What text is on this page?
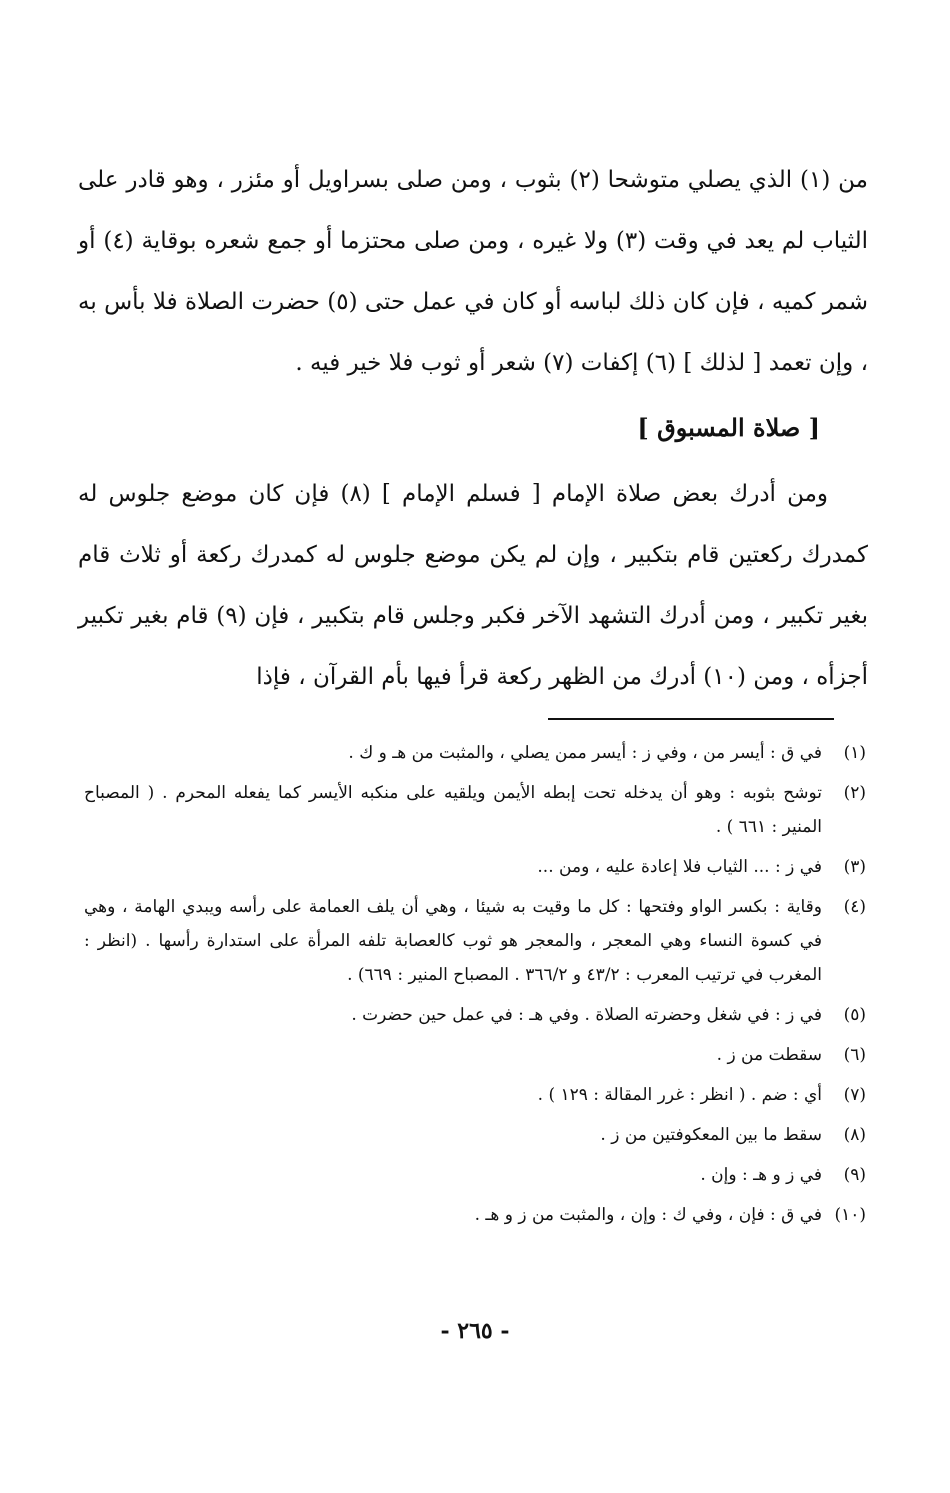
من (١) الذي يصلي متوشحا (٢) بثوب ، ومن صلى بسراويل أو مئزر ، وهو قادر على الثياب لم يعد في وقت (٣) ولا غيره ، ومن صلى محتزما أو جمع شعره بوقاية (٤) أو شمر كميه ، فإن كان ذلك لباسه أو كان في عمل حتى (٥) حضرت الصلاة فلا بأس به ، وإن تعمد [ لذلك ] (٦) إكفات (٧) شعر أو ثوب فلا خير فيه .

[ صلاة المسبوق ]

ومن أدرك بعض صلاة الإمام [ فسلم الإمام ] (٨) فإن كان موضع جلوس له كمدرك ركعتين قام بتكبير ، وإن لم يكن موضع جلوس له كمدرك ركعة أو ثلاث قام بغير تكبير ، ومن أدرك التشهد الآخر فكبر وجلس قام بتكبير ، فإن (٩) قام بغير تكبير أجزأه ، ومن (١٠) أدرك من الظهر ركعة قرأ فيها بأم القرآن ، فإذا

(١)
في ق : أيسر من ، وفي ز : أيسر ممن يصلي ، والمثبت من هـ و ك .
(٢)
توشح بثوبه : وهو أن يدخله تحت إبطه الأيمن ويلقيه على منكبه الأيسر كما يفعله المحرم . ( المصباح المنير : ٦٦١ ) .
(٣)
في ز : ... الثياب فلا إعادة عليه ، ومن ...
(٤)
وقاية : بكسر الواو وفتحها : كل ما وقيت به شيئا ، وهي أن يلف العمامة على رأسه ويبدي الهامة ، وهي في كسوة النساء وهي المعجر ، والمعجر هو ثوب كالعصابة تلفه المرأة على استدارة رأسها . (انظر : المغرب في ترتيب المعرب : ٤٣/٢ و ٣٦٦/٢ . المصباح المنير : ٦٦٩) .
(٥)
في ز : في شغل وحضرته الصلاة . وفي هـ : في عمل حين حضرت .
(٦)
سقطت من ز .
(٧)
أي : ضم . ( انظر : غرر المقالة : ١٢٩ ) .
(٨)
سقط ما بين المعكوفتين من ز .
(٩)
في ز و هـ : وإن .
(١٠)
في ق : فإن ، وفي ك : وإن ، والمثبت من ز و هـ .
- ٢٦٥ -
